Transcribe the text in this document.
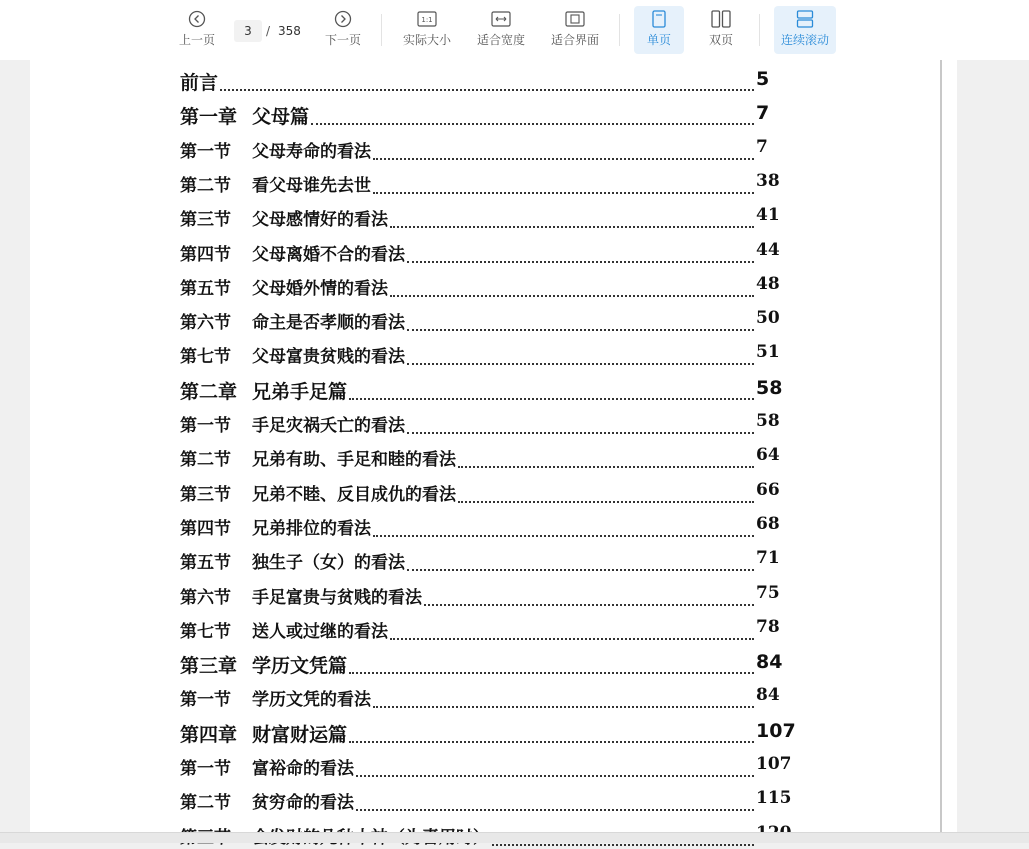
上一页
3	/ 358
下一页
1:1
实际大小 适合宽度 适合界面	单页	双页	连续滚动
前言	5
第一章 父母篇	7
第一节	父母寿命的看法	7
第二节	看父母谁先去世	38
第三节	父母感情好的看法	41
第四节	父母离婚不合的看法	44
第五节	父母婚外情的看法	48
第六节	命主是否孝顺的看法	50
第七节	父母富贵贫贱的看法	51
第二章 兄弟手足篇	58
第一节	手足灾祸夭亡的看法	58
第二节	兄弟有助、手足和睦的看法	64
第三节	兄弟不睦、反目成仇的看法	66
第四节	兄弟排位的看法	68
第五节	独生子（女）的看法	71
第六节	手足富贵与贫贱的看法	75
第七节	送人或过继的看法	78
第三章 学历文凭篇	84
第一节	学历文凭的看法	84
第四章 财富财运篇	107
第一节	富裕命的看法	107
第二节	贫穷命的看法	115
